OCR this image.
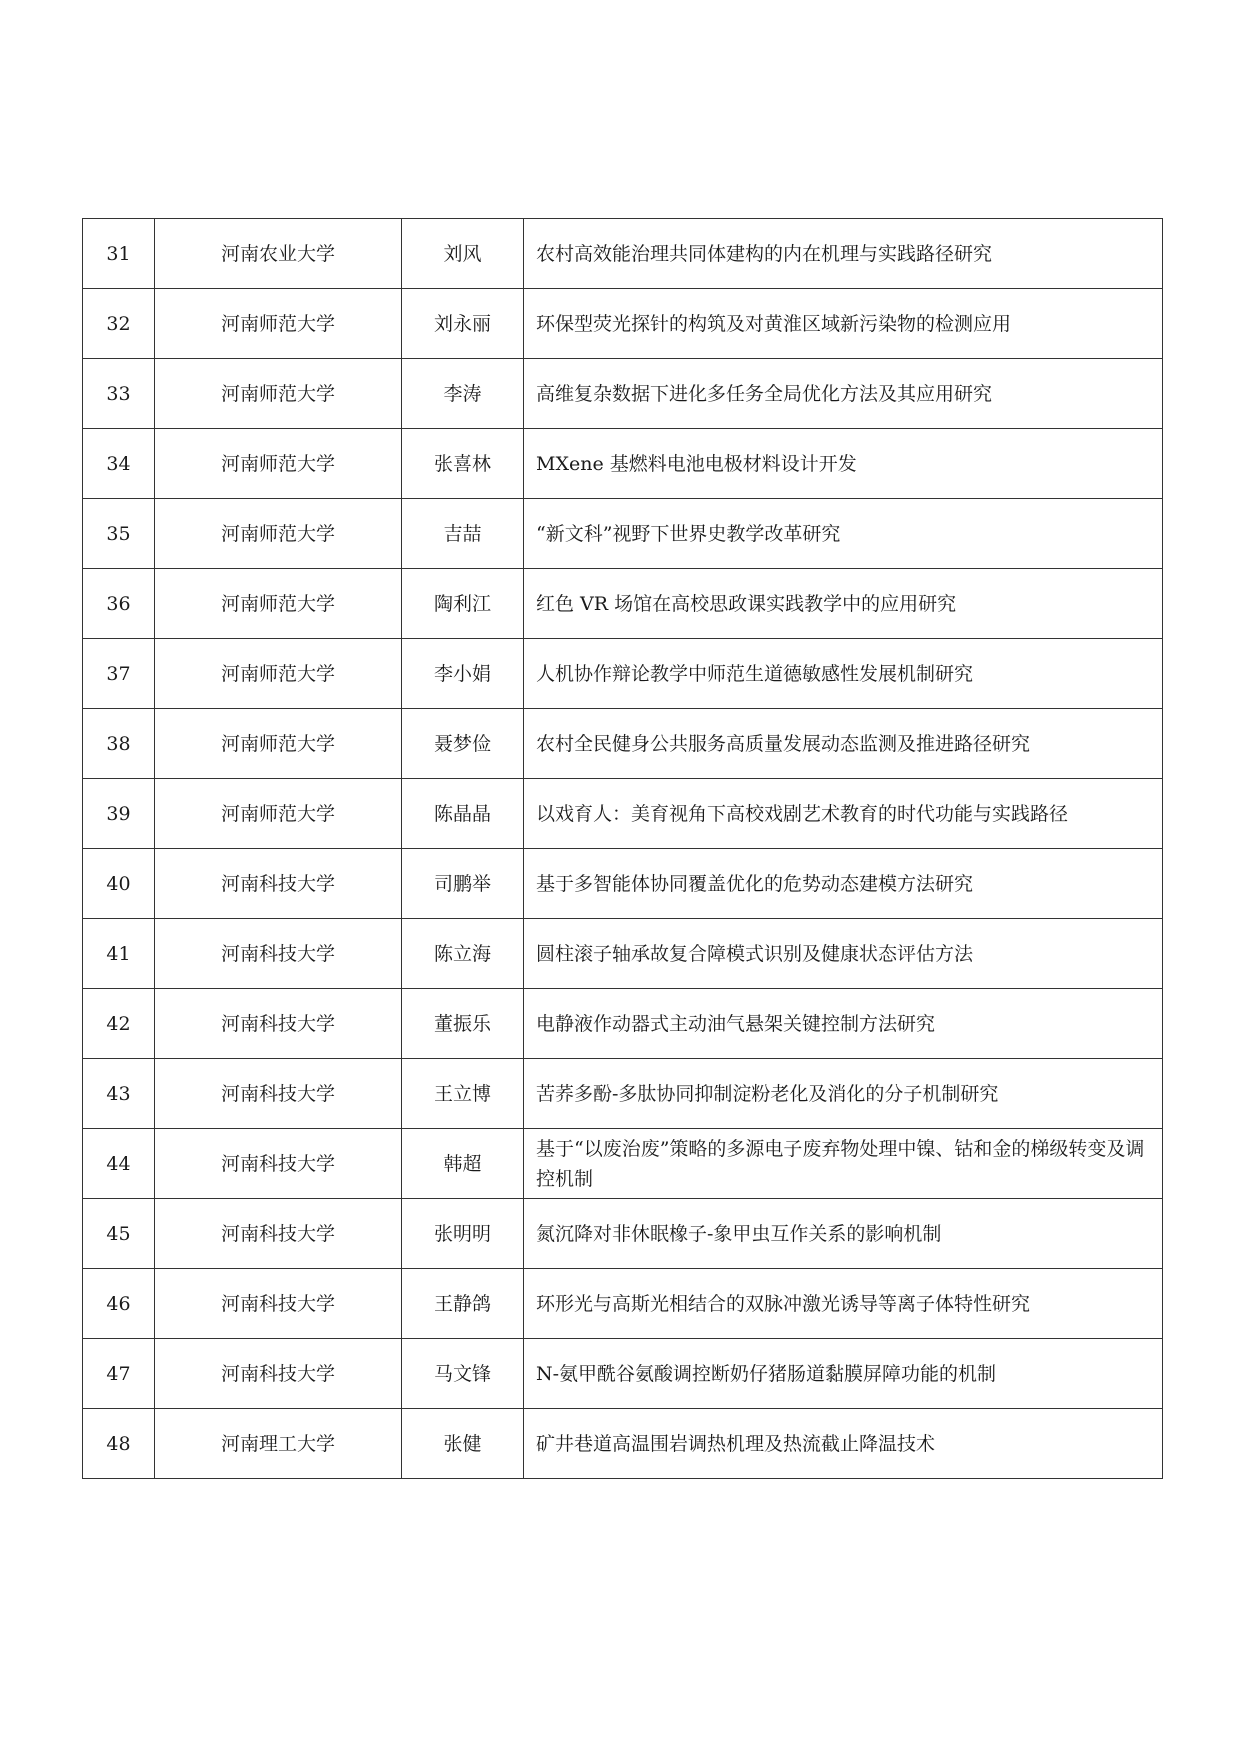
31	河南农业大学	刘风	农村高效能治理共同体建构的内在机理与实践路径研究

32	河南师范大学	刘永丽	环保型荧光探针的构筑及对黄淮区域新污染物的检测应用

33	河南师范大学	李涛	高维复杂数据下进化多任务全局优化方法及其应用研究

34	河南师范大学	张喜林	MXene 基燃料电池电极材料设计开发

35	河南师范大学	吉喆	“新文科”视野下世界史教学改革研究

36	河南师范大学	陶利江	红色 VR 场馆在高校思政课实践教学中的应用研究

37	河南师范大学	李小娟	人机协作辩论教学中师范生道德敏感性发展机制研究

38	河南师范大学	聂梦俭	农村全民健身公共服务高质量发展动态监测及推进路径研究

39	河南师范大学	陈晶晶	以戏育人：美育视角下高校戏剧艺术教育的时代功能与实践路径

40	河南科技大学	司鹏举	基于多智能体协同覆盖优化的危势动态建模方法研究

41	河南科技大学	陈立海	圆柱滚子轴承故复合障模式识别及健康状态评估方法

42	河南科技大学	董振乐	电静液作动器式主动油气悬架关键控制方法研究

43	河南科技大学	王立博	苦荞多酚-多肽协同抑制淀粉老化及消化的分子机制研究

44	河南科技大学	韩超	基于“以废治废”策略的多源电子废弃物处理中镍、钴和金的梯级转变及调控机制

45	河南科技大学	张明明	氮沉降对非休眠橡子-象甲虫互作关系的影响机制

46	河南科技大学	王静鸽	环形光与高斯光相结合的双脉冲激光诱导等离子体特性研究

47	河南科技大学	马文锋	N-氨甲酰谷氨酸调控断奶仔猪肠道黏膜屏障功能的机制

48	河南理工大学	张健	矿井巷道高温围岩调热机理及热流截止降温技术
